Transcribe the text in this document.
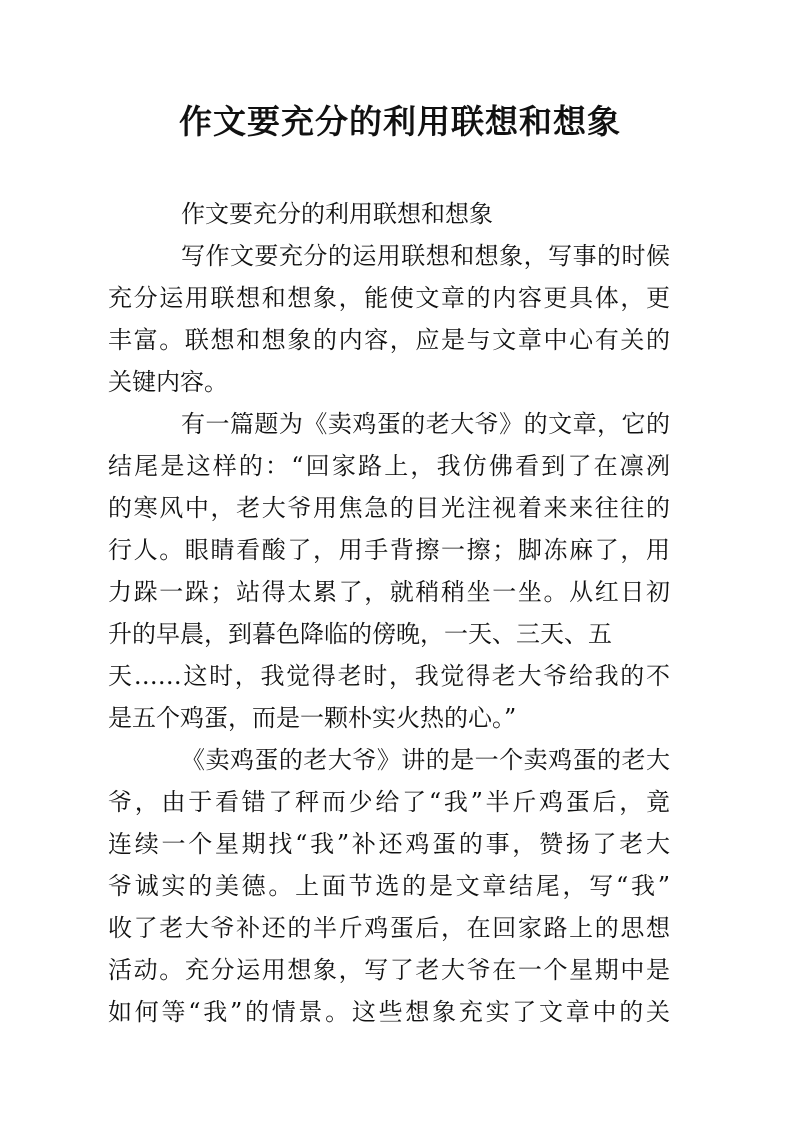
作文要充分的利用联想和想象
作文要充分的利用联想和想象
写作文要充分的运用联想和想象，写事的时候
充分运用联想和想象，能使文章的内容更具体，更
丰富。联想和想象的内容，应是与文章中心有关的
关键内容。
有一篇题为《卖鸡蛋的老大爷》的文章，它的
结尾是这样的：“回家路上，我仿佛看到了在凛冽
的寒风中，老大爷用焦急的目光注视着来来往往的
行人。眼睛看酸了，用手背擦一擦；脚冻麻了，用
力跺一跺；站得太累了，就稍稍坐一坐。从红日初
升的早晨，到暮色降临的傍晚，一天、三天、五
天……这时，我觉得老时，我觉得老大爷给我的不
是五个鸡蛋，而是一颗朴实火热的心。”
《卖鸡蛋的老大爷》讲的是一个卖鸡蛋的老大
爷，由于看错了秤而少给了“我”半斤鸡蛋后，竟
连续一个星期找“我”补还鸡蛋的事，赞扬了老大
爷诚实的美德。上面节选的是文章结尾，写“我”
收了老大爷补还的半斤鸡蛋后，在回家路上的思想
活动。充分运用想象，写了老大爷在一个星期中是
如何等“我”的情景。这些想象充实了文章中的关
